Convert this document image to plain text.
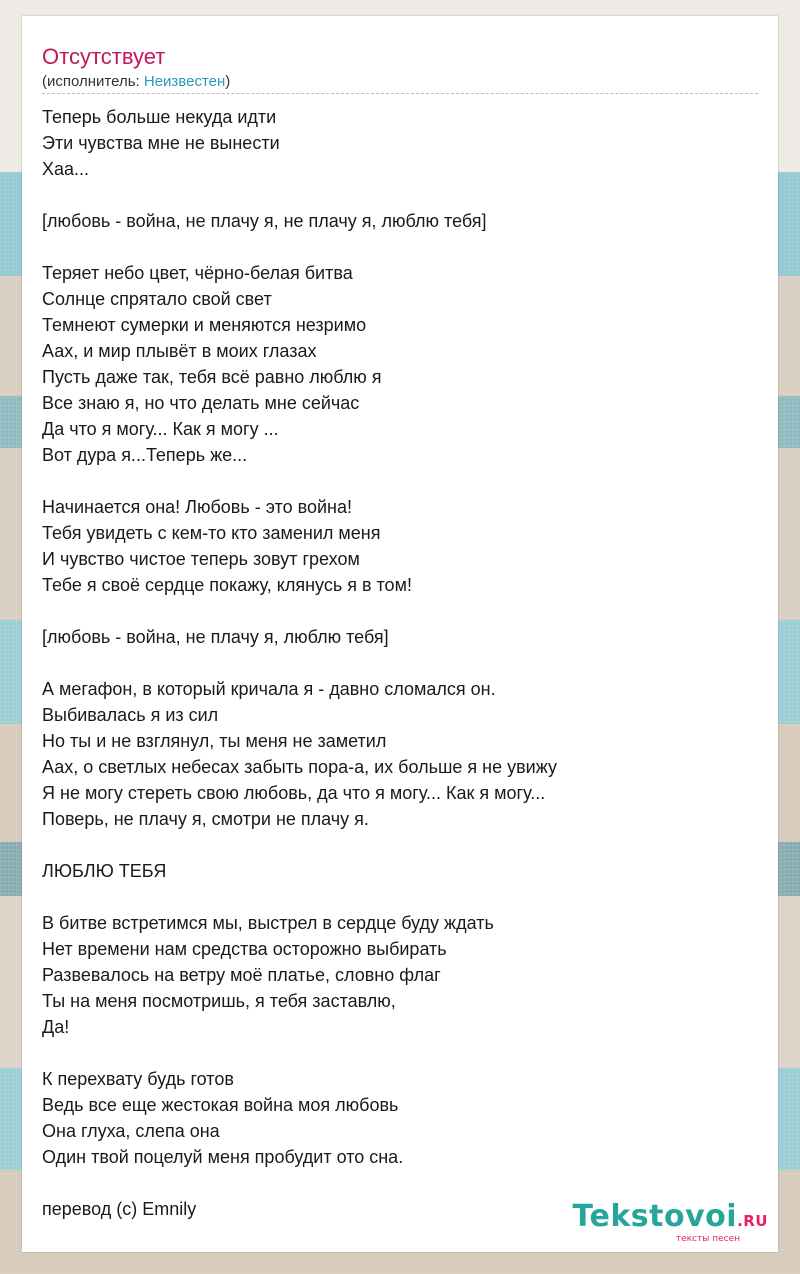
Отсутствует
(исполнитель: Неизвестен)
Теперь больше некуда идти
Эти чувства мне не вынести
Хаа...
[любовь - война, не плачу я, не плачу я, люблю тебя]
Теряет небо цвет, чёрно-белая битва
Солнце спрятало свой свет
Темнеют сумерки и меняются незримо
Аах, и мир плывёт в моих глазах
Пусть даже так, тебя всё равно люблю я
Все знаю я, но что делать мне сейчас
Да что я могу... Как я могу ...
Вот дура я...Теперь же...
Начинается она! Любовь - это война!
Тебя увидеть с кем-то кто заменил меня
И чувство чистое теперь зовут грехом
Тебе я своё сердце покажу, клянусь я в том!
[любовь - война, не плачу я, люблю тебя]
А мегафон, в который кричала я - давно сломался он.
Выбивалась я из сил
Но ты и не взглянул, ты меня не заметил
Аах, о светлых небесах забыть пора-а, их больше я не увижу
Я не могу стереть свою любовь, да что я могу... Как я могу...
Поверь, не плачу я, смотри не плачу я.
ЛЮБЛЮ ТЕБЯ
В битве встретимся мы, выстрел в сердце буду ждать
Нет времени нам средства осторожно выбирать
Развевалось на ветру моё платье, словно флаг
Ты на меня посмотришь, я тебя заставлю,
Да!
К перехвату будь готов
Ведь все еще жестокая война моя любовь
Она глуха, слепа она
Один твой поцелуй меня пробудит ото сна.
перевод (с) Emnily	Tekstovoi.RU
тексты песен
